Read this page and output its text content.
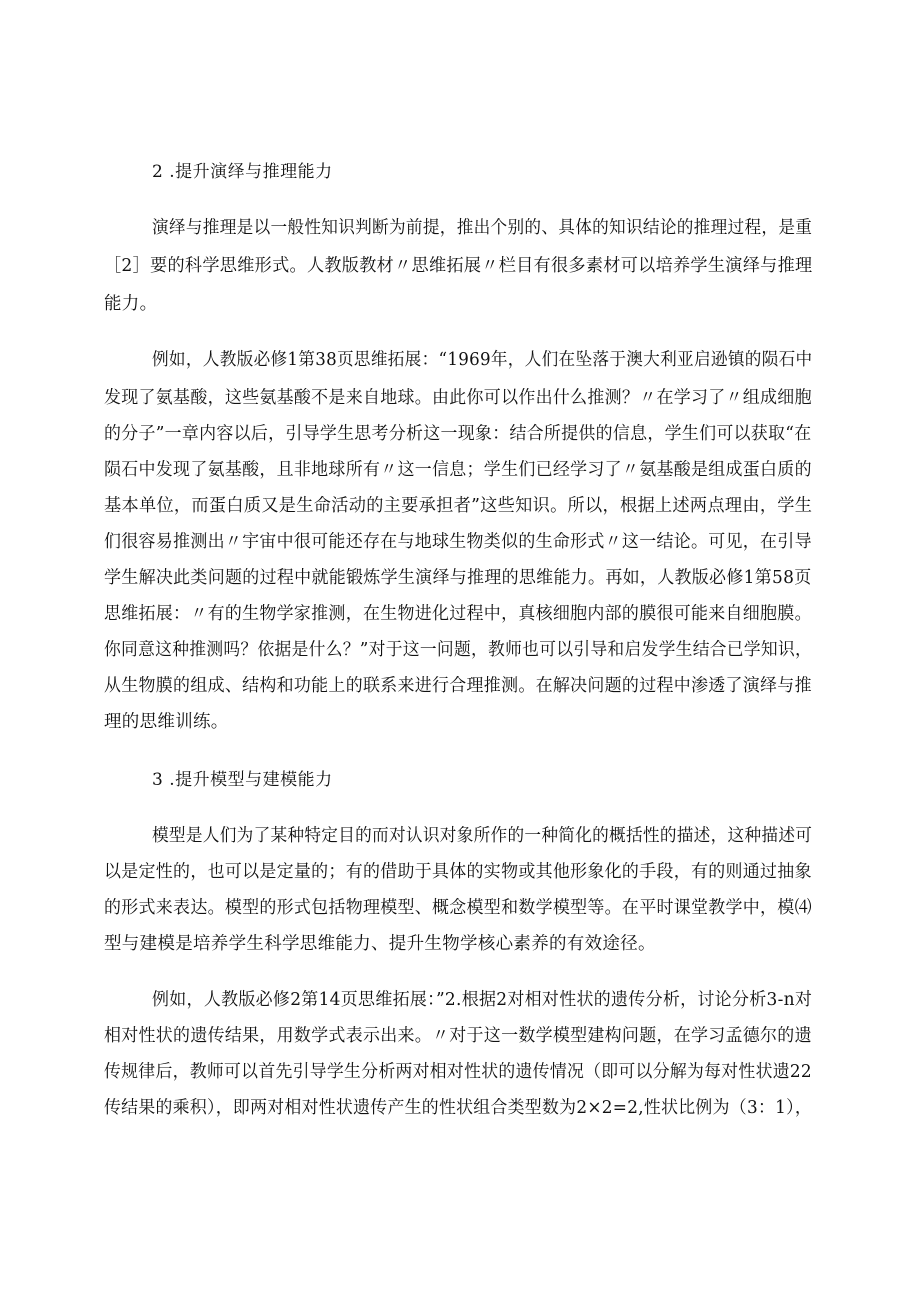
2 .提升演绎与推理能力
演绎与推理是以一般性知识判断为前提，推出个别的、具体的知识结论的推理过程，是重
［2］要的科学思维形式。人教版教材〃思维拓展〃栏目有很多素材可以培养学生演绎与推理
能力。
例如，人教版必修1第38页思维拓展：“1969年，人们在坠落于澳大利亚启逊镇的陨石中
发现了氨基酸，这些氨基酸不是来自地球。由此你可以作出什么推测？〃在学习了〃组成细胞
的分子”一章内容以后，引导学生思考分析这一现象：结合所提供的信息，学生们可以获取“在
陨石中发现了氨基酸，且非地球所有〃这一信息；学生们已经学习了〃氨基酸是组成蛋白质的
基本单位，而蛋白质又是生命活动的主要承担者”这些知识。所以，根据上述两点理由，学生
们很容易推测出〃宇宙中很可能还存在与地球生物类似的生命形式〃这一结论。可见，在引导
学生解决此类问题的过程中就能锻炼学生演绎与推理的思维能力。再如，人教版必修1第58页
思维拓展：〃有的生物学家推测，在生物进化过程中，真核细胞内部的膜很可能来自细胞膜。
你同意这种推测吗？依据是什么？”对于这一问题，教师也可以引导和启发学生结合已学知识，
从生物膜的组成、结构和功能上的联系来进行合理推测。在解决问题的过程中渗透了演绎与推
理的思维训练。
3 .提升模型与建模能力
模型是人们为了某种特定目的而对认识对象所作的一种简化的概括性的描述，这种描述可
以是定性的，也可以是定量的；有的借助于具体的实物或其他形象化的手段，有的则通过抽象
的形式来表达。模型的形式包括物理模型、概念模型和数学模型等。在平时课堂教学中，模⑷
型与建模是培养学生科学思维能力、提升生物学核心素养的有效途径。
例如，人教版必修2第14页思维拓展：”2.根据2对相对性状的遗传分析，讨论分析3-n对
相对性状的遗传结果，用数学式表示出来。〃对于这一数学模型建构问题，在学习孟德尔的遗
传规律后，教师可以首先引导学生分析两对相对性状的遗传情况（即可以分解为每对性状遗22
传结果的乘积），即两对相对性状遗传产生的性状组合类型数为2×2=2,性状比例为（3：1），
